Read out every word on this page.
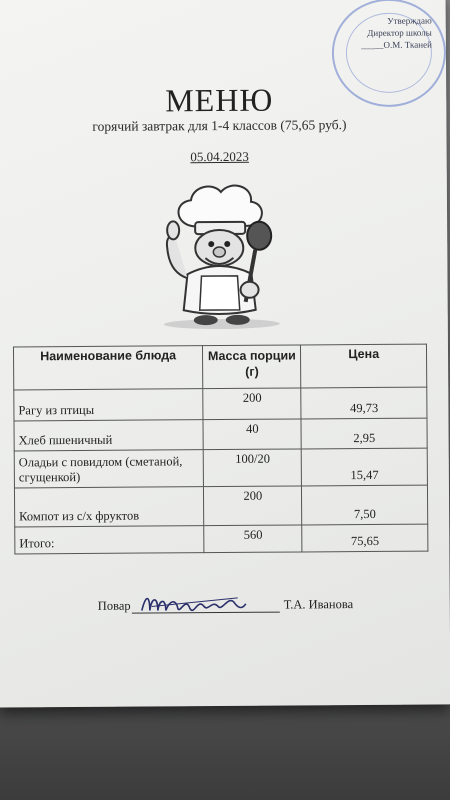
Утверждаю
Директор школы
_____О.М. Тканей
МЕНЮ
горячий завтрак для 1-4 классов (75,65 руб.)
05.04.2023
Наименование блюда	Масса порции (г)	Цена
Рагу из птицы	200	49,73
Хлеб пшеничный	40	2,95
Оладьи с повидлом (сметаной, сгущенкой)	100/20	15,47
Компот из с/х фруктов	200	7,50
Итого:	560	75,65
Повар	Т.А. Иванова
